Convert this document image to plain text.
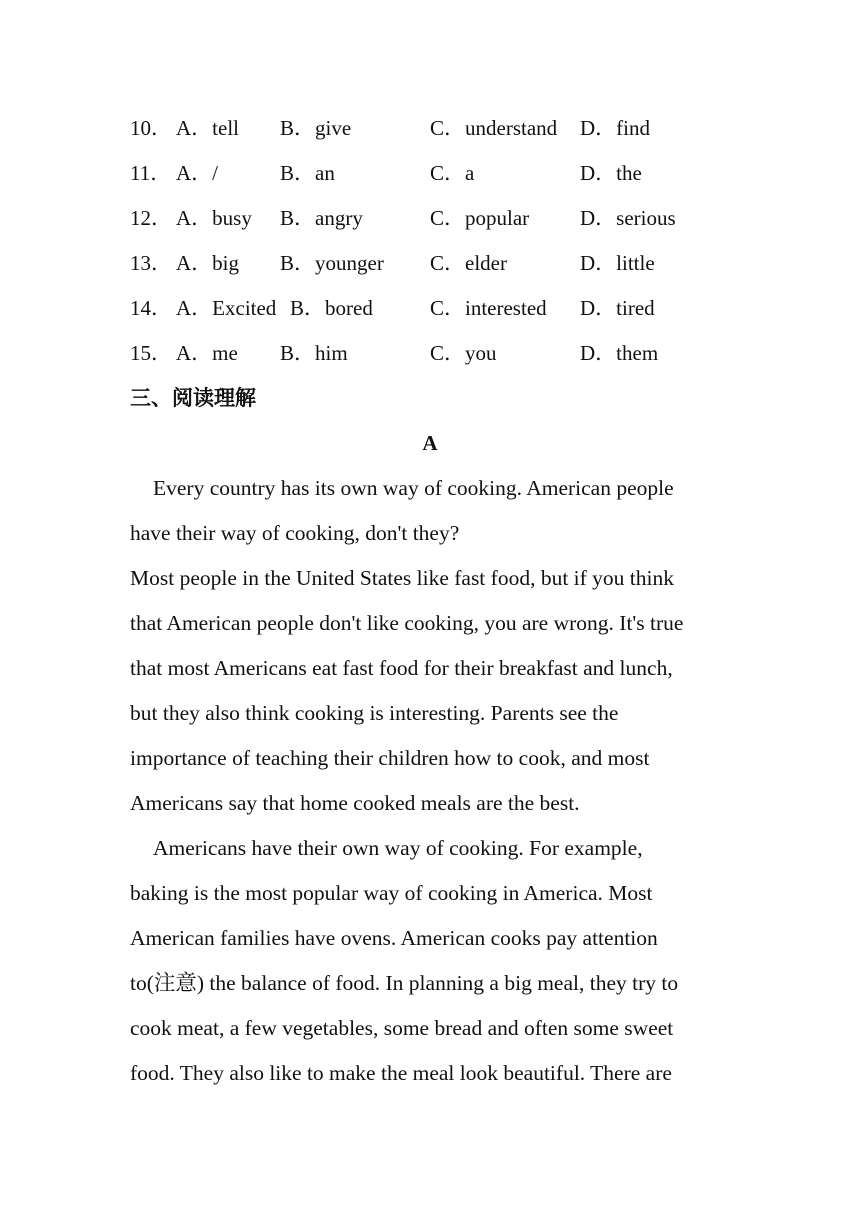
10． A．tell B．give	C．understand D．find
11． A．/	B．an	C．a	D．the
12． A．busy B．angry	C．popular D．serious
13． A．big B．younger C．elder	D．little
14． A．Excited B．bored	C．interested D．tired
15． A．me B．him	C．you	D．them
三、阅读理解
A
Every country has its own way of cooking. American people
have their way of cooking, don't they?
Most people in the United States like fast food, but if you think
that American people don't like cooking, you are wrong. It's true
that most Americans eat fast food for their breakfast and lunch,
but they also think cooking is interesting. Parents see the
importance of teaching their children how to cook, and most
Americans say that home cooked meals are the best.
Americans have their own way of cooking. For example,
baking is the most popular way of cooking in America. Most
American families have ovens. American cooks pay attention
to(注意) the balance of food. In planning a big meal, they try to
cook meat, a few vegetables, some bread and often some sweet
food. They also like to make the meal look beautiful. There are
